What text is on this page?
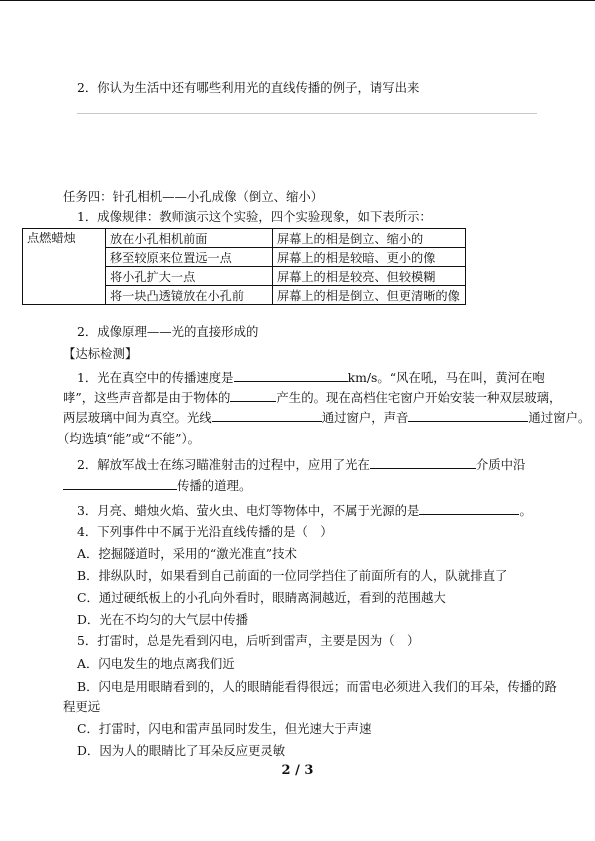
2．你认为生活中还有哪些利用光的直线传播的例子，请写出来
任务四：针孔相机——小孔成像（倒立、缩小）
1．成像规律：教师演示这个实验，四个实验现象，如下表所示：
点燃蜡烛	放在小孔相机前面	屏幕上的相是倒立、缩小的
	移至较原来位置远一点	屏幕上的相是较暗、更小的像
	将小孔扩大一点	屏幕上的相是较亮、但较模糊
	将一块凸透镜放在小孔前	屏幕上的相是倒立、但更清晰的像
2．成像原理——光的直接形成的
【达标检测】
1．光在真空中的传播速度是	km/s。“风在吼，马在叫，黄河在咆
哮”，这些声音都是由于物体的	产生的。现在高档住宅窗户开始安装一种双层玻璃，
两层玻璃中间为真空。光线	通过窗户，声音	通过窗户。
（均选填“能”或“不能”）。
2．解放军战士在练习瞄准射击的过程中，应用了光在	介质中沿
传播的道理。
3．月亮、蜡烛火焰、萤火虫、电灯等物体中，不属于光源的是	。
4．下列事件中不属于光沿直线传播的是（　）
A．挖掘隧道时，采用的“激光准直”技术
B．排纵队时，如果看到自己前面的一位同学挡住了前面所有的人，队就排直了
C．通过硬纸板上的小孔向外看时，眼睛离洞越近，看到的范围越大
D．光在不均匀的大气层中传播
5．打雷时，总是先看到闪电，后听到雷声，主要是因为（　）
A．闪电发生的地点离我们近
B．闪电是用眼睛看到的，人的眼睛能看得很远；而雷电必须进入我们的耳朵，传播的路
程更远
C．打雷时，闪电和雷声虽同时发生，但光速大于声速
D．因为人的眼睛比了耳朵反应更灵敏
2 / 3
